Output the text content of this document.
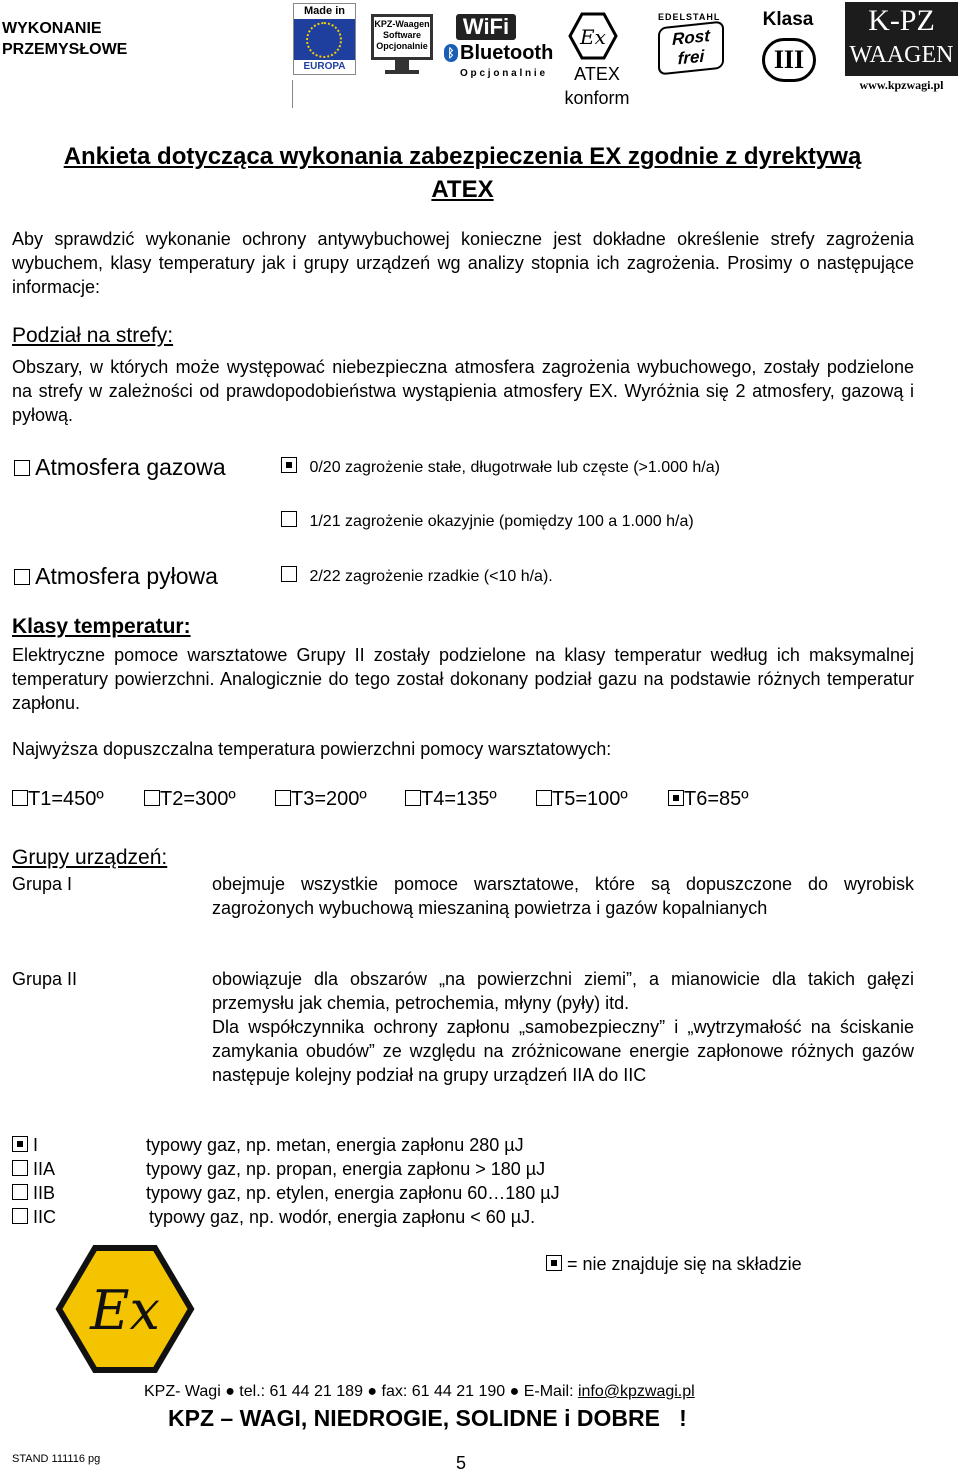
WYKONANIE
PRZEMYSŁOWE
Made in
EUROPA
KPZ-Waagen
Software
Opcjonalnie
WiFi
ᛒ Bluetooth
O p c j o n a l n i e
Ex
ATEX
konform
EDELSTAHL
Rost
frei
Klasa
III
K-PZ
WAAGEN
www.kpzwagi.pl
Ankieta dotycząca wykonania zabezpieczenia EX zgodnie z dyrektywą
ATEX
Aby sprawdzić wykonanie ochrony antywybuchowej konieczne jest dokładne określenie strefy zagrożenia wybuchem, klasy temperatury jak i grupy urządzeń wg analizy stopnia ich zagrożenia. Prosimy o następujące informacje:
Podział na strefy:
Obszary, w których może występować niebezpieczna atmosfera zagrożenia wybuchowego, zostały podzielone na strefy w zależności od prawdopodobieństwa wystąpienia atmosfery EX. Wyróżnia się 2 atmosfery, gazową i pyłową.
Atmosfera gazowa	0/20 zagrożenie stałe, długotrwałe lub częste (>1.000 h/a)
1/21 zagrożenie okazyjnie (pomiędzy 100 a 1.000 h/a)
Atmosfera pyłowa	2/22 zagrożenie rzadkie (<10 h/a).
Klasy temperatur:
Elektryczne pomoce warsztatowe Grupy II zostały podzielone na klasy temperatur według ich maksymalnej temperatury powierzchni. Analogicznie do tego został dokonany podział gazu na podstawie różnych temperatur zapłonu.
Najwyższa dopuszczalna temperatura powierzchni pomocy warsztatowych:
T1=450º	T2=300º	T3=200º	T4=135º	T5=100º	T6=85º
Grupy urządzeń:
Grupa I	obejmuje wszystkie pomoce warsztatowe, które są dopuszczone do wyrobisk zagrożonych wybuchową mieszaniną powietrza i gazów kopalnianych
Grupa II	obowiązuje dla obszarów „na powierzchni ziemi”, a mianowicie dla takich gałęzi przemysłu jak chemia, petrochemia, młyny (pyły) itd.
Dla współczynnika ochrony zapłonu „samobezpieczny” i „wytrzymałość na ściskanie zamykania obudów” ze względu na zróżnicowane energie zapłonowe różnych gazów następuje kolejny podział na grupy urządzeń IIA do IIC
I	typowy gaz, np. metan, energia zapłonu 280 µJ
IIA	typowy gaz, np. propan, energia zapłonu > 180 µJ
IIB	typowy gaz, np. etylen, energia zapłonu 60…180 µJ
IIC	typowy gaz, np. wodór, energia zapłonu < 60 µJ.
= nie znajduje się na składzie
Ex
KPZ- Wagi ● tel.: 61 44 21 189 ● fax: 61 44 21 190 ● E-Mail: info@kpzwagi.pl
KPZ – WAGI, NIEDROGIE, SOLIDNE i DOBRE   !
STAND 111116 pg	5
